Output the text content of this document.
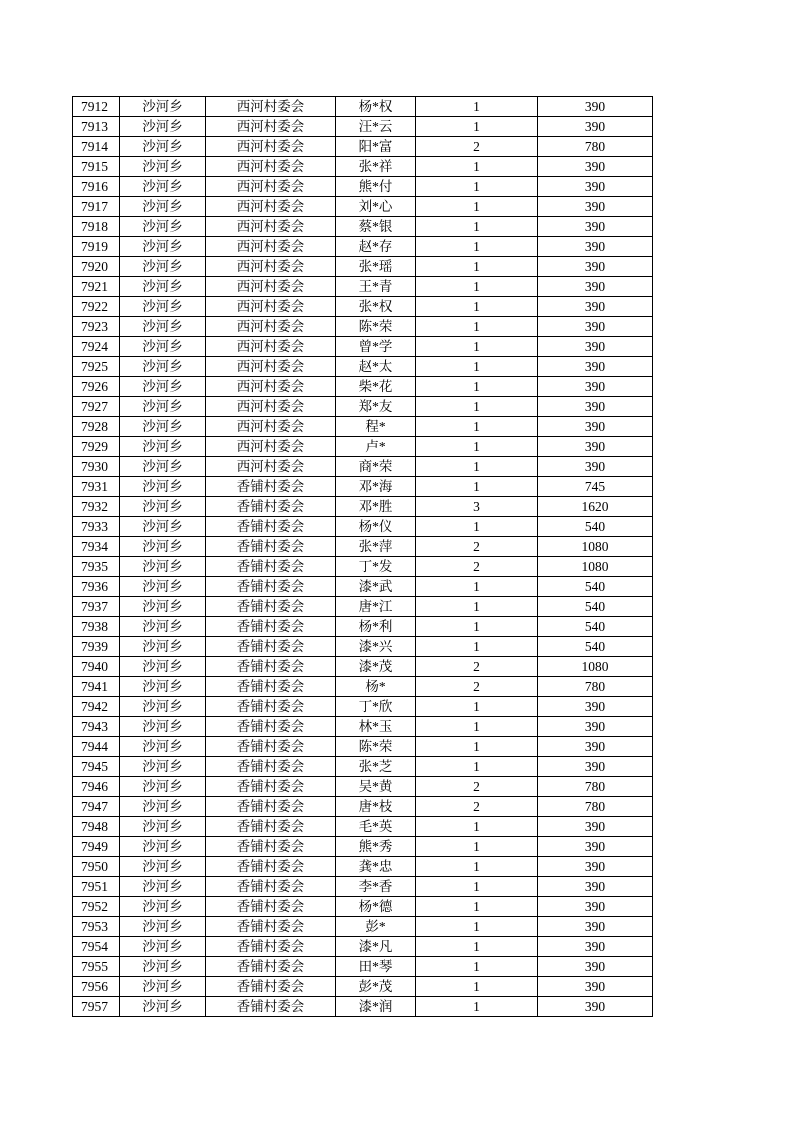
7912	沙河乡	西河村委会	杨*权	1	390
7913	沙河乡	西河村委会	汪*云	1	390
7914	沙河乡	西河村委会	阳*富	2	780
7915	沙河乡	西河村委会	张*祥	1	390
7916	沙河乡	西河村委会	熊*付	1	390
7917	沙河乡	西河村委会	刘*心	1	390
7918	沙河乡	西河村委会	蔡*银	1	390
7919	沙河乡	西河村委会	赵*存	1	390
7920	沙河乡	西河村委会	张*瑶	1	390
7921	沙河乡	西河村委会	王*青	1	390
7922	沙河乡	西河村委会	张*权	1	390
7923	沙河乡	西河村委会	陈*荣	1	390
7924	沙河乡	西河村委会	曾*学	1	390
7925	沙河乡	西河村委会	赵*太	1	390
7926	沙河乡	西河村委会	柴*花	1	390
7927	沙河乡	西河村委会	郑*友	1	390
7928	沙河乡	西河村委会	程*	1	390
7929	沙河乡	西河村委会	卢*	1	390
7930	沙河乡	西河村委会	商*荣	1	390
7931	沙河乡	香铺村委会	邓*海	1	745
7932	沙河乡	香铺村委会	邓*胜	3	1620
7933	沙河乡	香铺村委会	杨*仪	1	540
7934	沙河乡	香铺村委会	张*萍	2	1080
7935	沙河乡	香铺村委会	丁*发	2	1080
7936	沙河乡	香铺村委会	漆*武	1	540
7937	沙河乡	香铺村委会	唐*江	1	540
7938	沙河乡	香铺村委会	杨*利	1	540
7939	沙河乡	香铺村委会	漆*兴	1	540
7940	沙河乡	香铺村委会	漆*茂	2	1080
7941	沙河乡	香铺村委会	杨*	2	780
7942	沙河乡	香铺村委会	丁*欣	1	390
7943	沙河乡	香铺村委会	林*玉	1	390
7944	沙河乡	香铺村委会	陈*荣	1	390
7945	沙河乡	香铺村委会	张*芝	1	390
7946	沙河乡	香铺村委会	吴*黄	2	780
7947	沙河乡	香铺村委会	唐*枝	2	780
7948	沙河乡	香铺村委会	毛*英	1	390
7949	沙河乡	香铺村委会	熊*秀	1	390
7950	沙河乡	香铺村委会	龚*忠	1	390
7951	沙河乡	香铺村委会	李*香	1	390
7952	沙河乡	香铺村委会	杨*德	1	390
7953	沙河乡	香铺村委会	彭*	1	390
7954	沙河乡	香铺村委会	漆*凡	1	390
7955	沙河乡	香铺村委会	田*琴	1	390
7956	沙河乡	香铺村委会	彭*茂	1	390
7957	沙河乡	香铺村委会	漆*润	1	390
